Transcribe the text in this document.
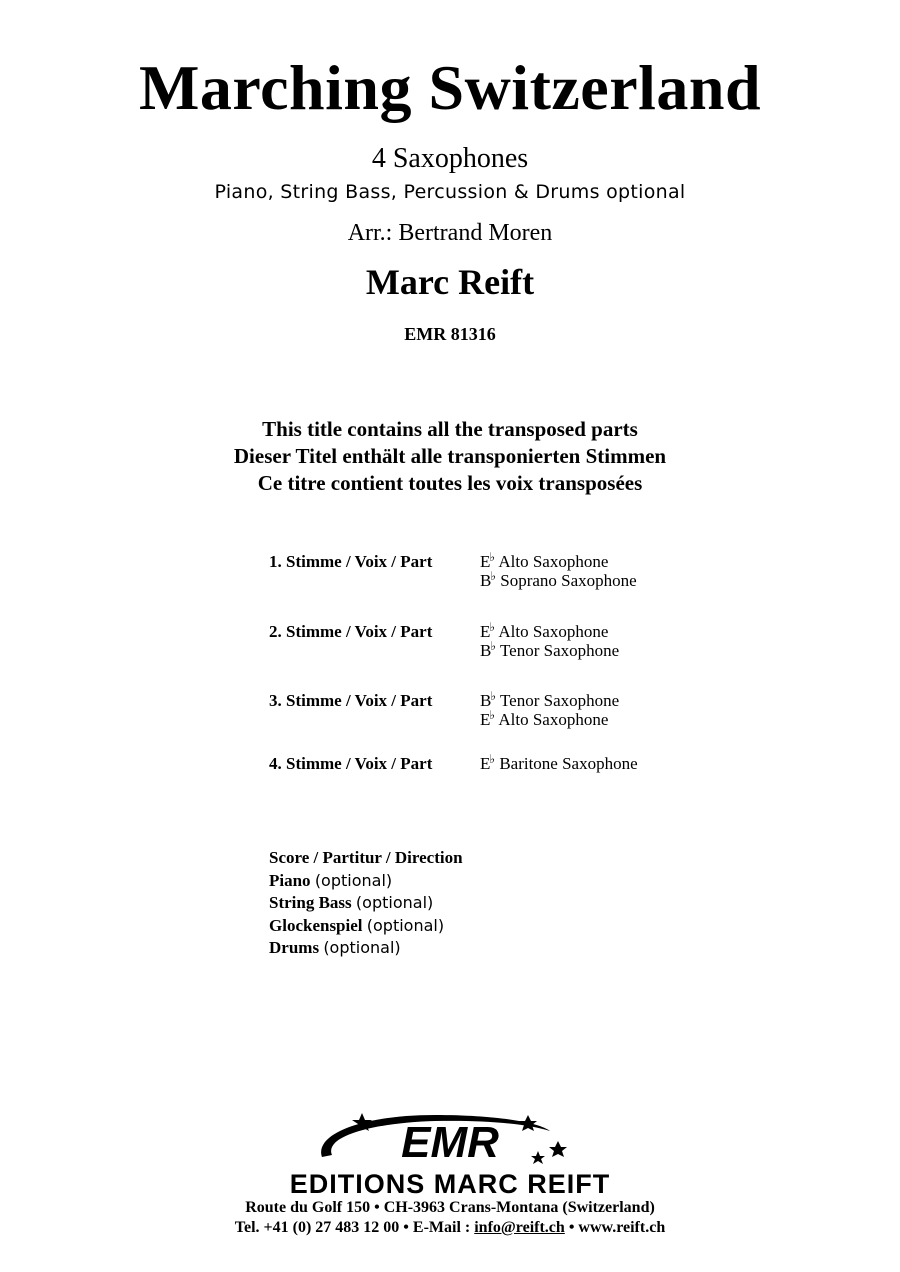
Marching Switzerland
4 Saxophones
Piano, String Bass, Percussion & Drums optional
Arr.: Bertrand Moren
Marc Reift
EMR 81316
This title contains all the transposed parts
Dieser Titel enthält alle transponierten Stimmen
Ce titre contient toutes les voix transposées
1. Stimme / Voix / Part	E♭ Alto Saxophone
B♭ Soprano Saxophone
2. Stimme / Voix / Part	E♭ Alto Saxophone
B♭ Tenor Saxophone
3. Stimme / Voix / Part	B♭ Tenor Saxophone
E♭ Alto Saxophone
4. Stimme / Voix / Part	E♭ Baritone Saxophone
Score / Partitur / Direction
Piano (optional)
String Bass (optional)
Glockenspiel (optional)
Drums (optional)
EMR
EDITIONS MARC REIFT
Route du Golf 150 • CH-3963 Crans-Montana (Switzerland)
Tel. +41 (0) 27 483 12 00 • E-Mail : info@reift.ch • www.reift.ch
